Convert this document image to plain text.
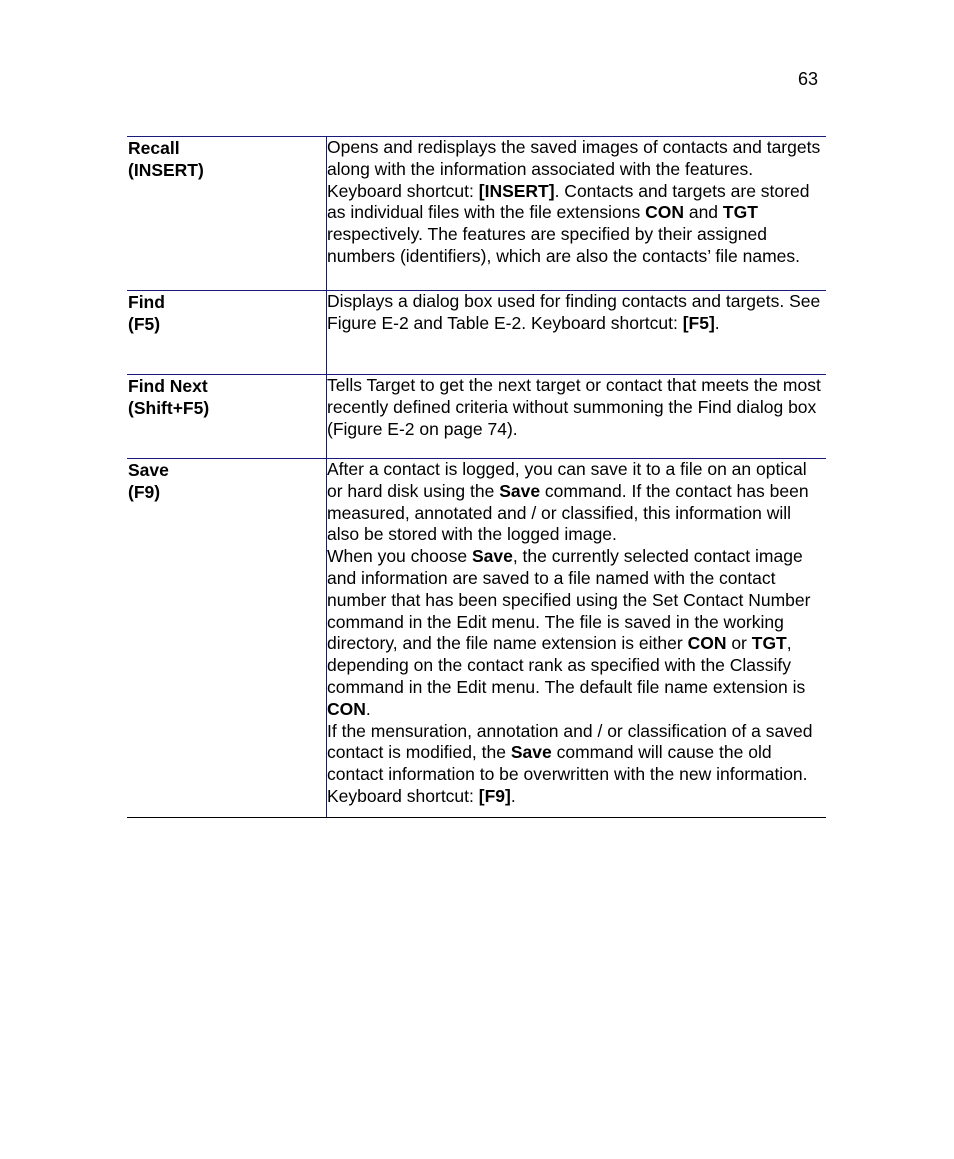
63
Recall
(INSERT)

Opens and redisplays the saved images of contacts and targets along with the information associated with the features. Keyboard shortcut: [INSERT]. Contacts and targets are stored as individual files with the file extensions CON and TGT respectively. The features are specified by their assigned numbers (identifiers), which are also the contacts’ file names.

Find
(F5)

Displays a dialog box used for finding contacts and targets. See Figure E-2 and Table E-2. Keyboard shortcut: [F5].

Find Next
(Shift+F5)

Tells Target to get the next target or contact that meets the most recently defined criteria without summoning the Find dialog box (Figure E-2 on page 74).

Save
(F9)

After a contact is logged, you can save it to a file on an optical or hard disk using the Save command. If the contact has been measured, annotated and / or classified, this information will also be stored with the logged image.

When you choose Save, the currently selected contact image and information are saved to a file named with the contact number that has been specified using the Set Contact Number command in the Edit menu. The file is saved in the working directory, and the file name extension is either CON or TGT, depending on the contact rank as specified with the Classify command in the Edit menu. The default file name extension is CON.

If the mensuration, annotation and / or classification of a saved contact is modified, the Save command will cause the old contact information to be overwritten with the new information. Keyboard shortcut: [F9].
